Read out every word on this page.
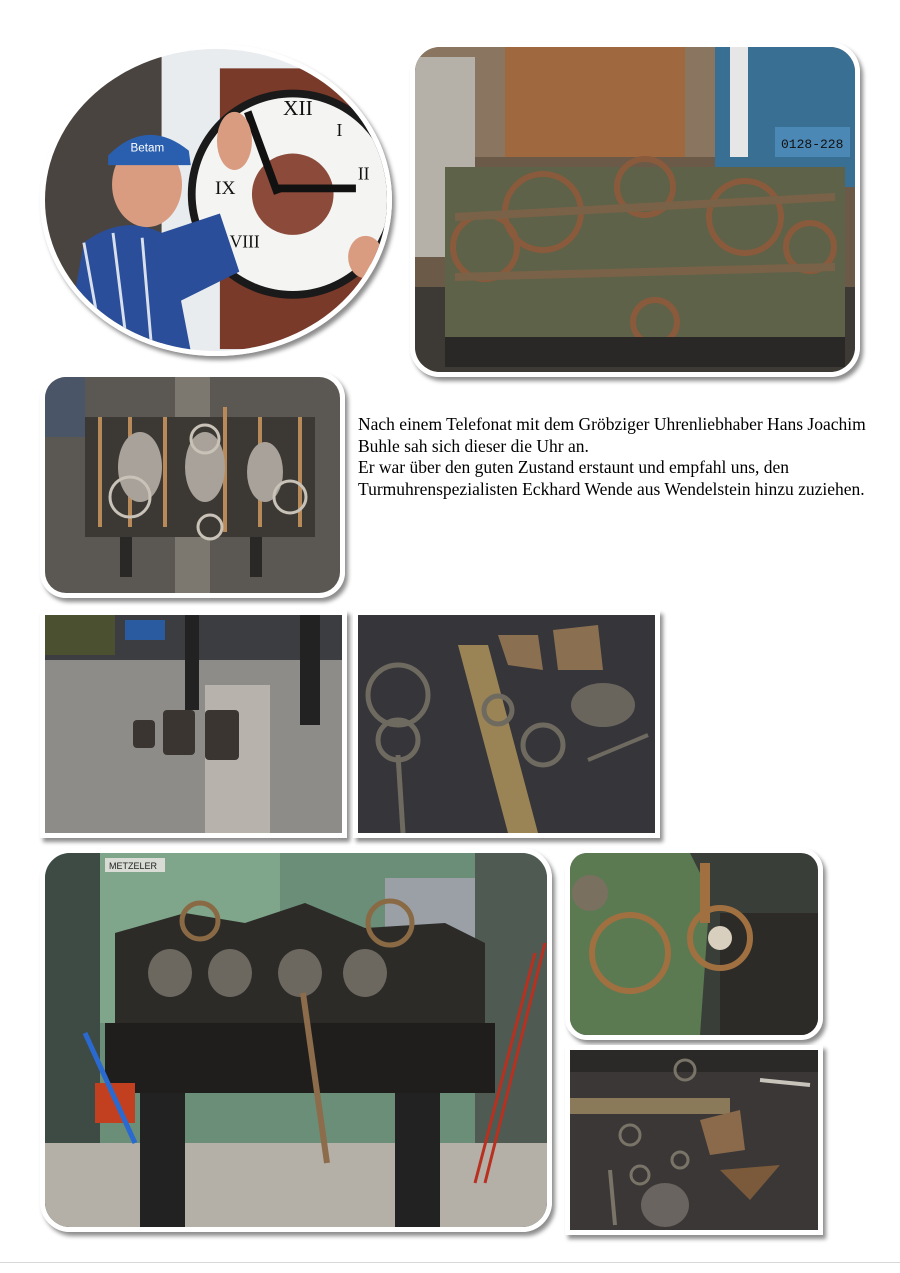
XII
I
II
IX
VIII
Betam	0128-228

Nach einem Telefonat mit dem Gröbziger Uhrenliebhaber Hans Joachim Buhle sah sich dieser die Uhr an.

Er war über den guten Zustand erstaunt und empfahl uns, den Turmuhrenspezialisten Eckhard Wende aus Wendelstein hinzu zuziehen.

METZELER
